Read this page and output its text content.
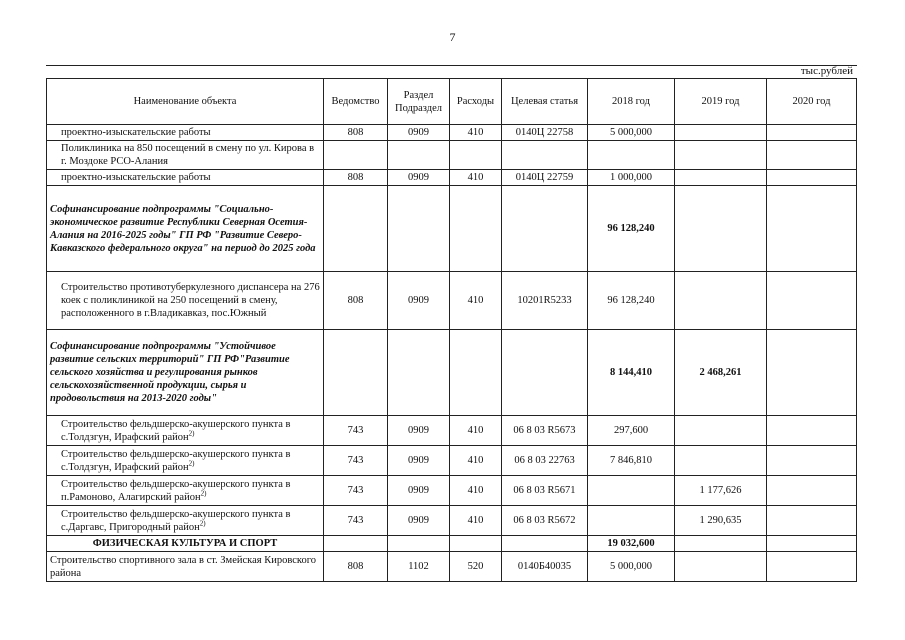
7
тыс.рублей
Наименование объекта	Ведомство	Раздел Подраздел	Расходы	Целевая статья	2018 год	2019 год	2020 год
проектно-изыскательские работы	808	0909	410	0140Ц 22758	5 000,000		
Поликлиника на 850 посещений в смену по ул. Кирова в г. Моздоке РСО-Алания							
проектно-изыскательские работы	808	0909	410	0140Ц 22759	1 000,000		
Софинансирование подпрограммы "Социально-экономическое развитие Республики Северная Осетия-Алания на 2016-2025 годы" ГП РФ "Развитие Северо-Кавказского федерального округа" на период до 2025 года					96 128,240		
Строительство противотуберкулезного диспансера на 276 коек с поликлиникой на 250 посещений в смену, расположенного в г.Владикавказ, пос.Южный	808	0909	410	10201R5233	96 128,240		
Софинансирование подпрограммы "Устойчивое развитие сельских территорий" ГП РФ"Развитие сельского хозяйства и регулирования рынков сельскохозяйственной продукции, сырья и продовольствия на 2013-2020 годы"					8 144,410	2 468,261	
Строительство фельдшерско-акушерского пункта в с.Толдзгун, Ирафский район$^{2)}$	743	0909	410	06 8 03 R5673	297,600		
Строительство фельдшерско-акушерского пункта в с.Толдзгун, Ирафский район$^{2)}$	743	0909	410	06 8 03 22763	7 846,810		
Строительство фельдшерско-акушерского пункта в п.Рамоново, Алагирский район$^{2)}$	743	0909	410	06 8 03 R5671		1 177,626	
Строительство фельдшерско-акушерского пункта в с.Даргавс, Пригородный район$^{2)}$	743	0909	410	06 8 03 R5672		1 290,635	
ФИЗИЧЕСКАЯ КУЛЬТУРА И СПОРТ					19 032,600		
Строительство спортивного зала в ст. Змейская Кировского района	808	1102	520	0140Б40035	5 000,000		
